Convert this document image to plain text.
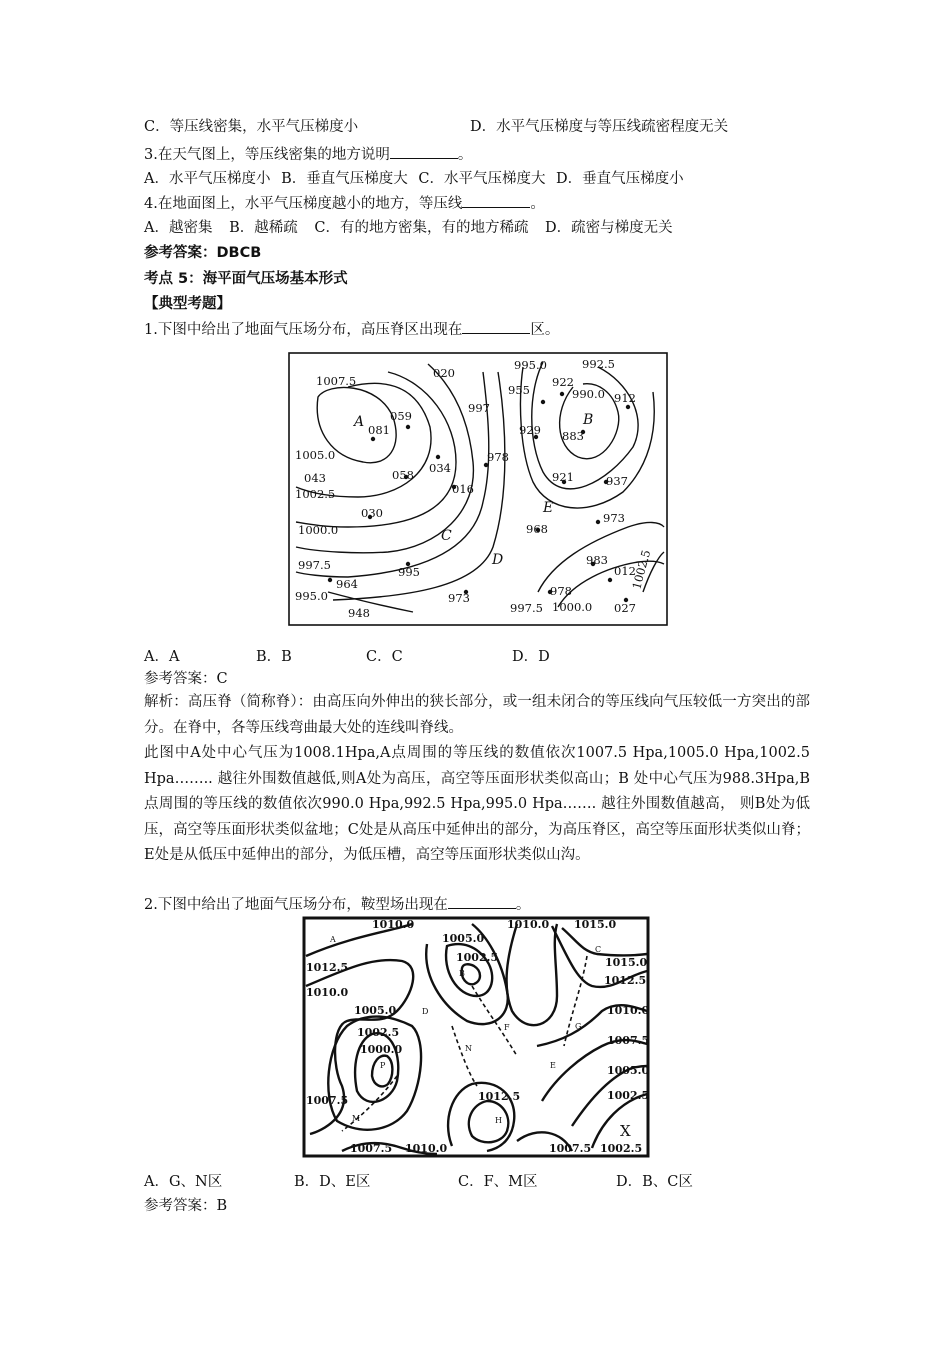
C．等压线密集，水平气压梯度小	D．水平气压梯度与等压线疏密程度无关
3.在天气图上，等压线密集的地方说明	。
A．水平气压梯度小 B．垂直气压梯度大 C．水平气压梯度大 D．垂直气压梯度小
4.在地面图上，水平气压梯度越小的地方，等压线	。
A．越密集 B．越稀疏 C．有的地方密集，有的地方稀疏 D．疏密与梯度无关
参考答案：DBCB
考点 5：海平面气压场基本形式
【典型考题】
1.下图中给出了地面气压场分布，高压脊区出现在	区。
1007.5
020
995.0	992.5
922
955	990.0 912
059
A 081
997
B
883
929
1005.0
034
978
921
043	058	937
1002.5	016
E
030	973
1000.0	C	968
D
997.5	995
983
012
1002.5
964	978
995.0	973
948	997.5 1000.0 027
A．A	B．B	C．C	D．D
参考答案：C
解析：高压脊（简称脊）：由高压向外伸出的狭长部分，或一组未闭合的等压线向气压较低一方突出的部分。在脊中，各等压线弯曲最大处的连线叫脊线。
此图中A处中心气压为1008.1Hpa,A点周围的等压线的数值依次1007.5 Hpa,1005.0 Hpa,1002.5 Hpa…….. 越往外围数值越低,则A处为高压，高空等压面形状类似高山；B 处中心气压为988.3Hpa,B点周围的等压线的数值依次990.0 Hpa,992.5 Hpa,995.0 Hpa……. 越往外围数值越高， 则B处为低压，高空等压面形状类似盆地；C处是从高压中延伸出的部分，为高压脊区，高空等压面形状类似山脊；E处是从低压中延伸出的部分，为低压槽，高空等压面形状类似山沟。
2.下图中给出了地面气压场分布，鞍型场出现在	。
1010.0
1005.0
1010.0 1015.0
A
1002.5
B
C
1012.5	1015.0
1012.5
1010.0
1005.0	D	1010.0
1002.5	F	G
1000.0	N
1007.5
P	E	1005.0
1012.5	1002.5
1007.5
M	H
X
1007.5 1010.0	1007.5 1002.5
A．G、N区	B．D、E区	C．F、M区	D．B、C区
参考答案：B
